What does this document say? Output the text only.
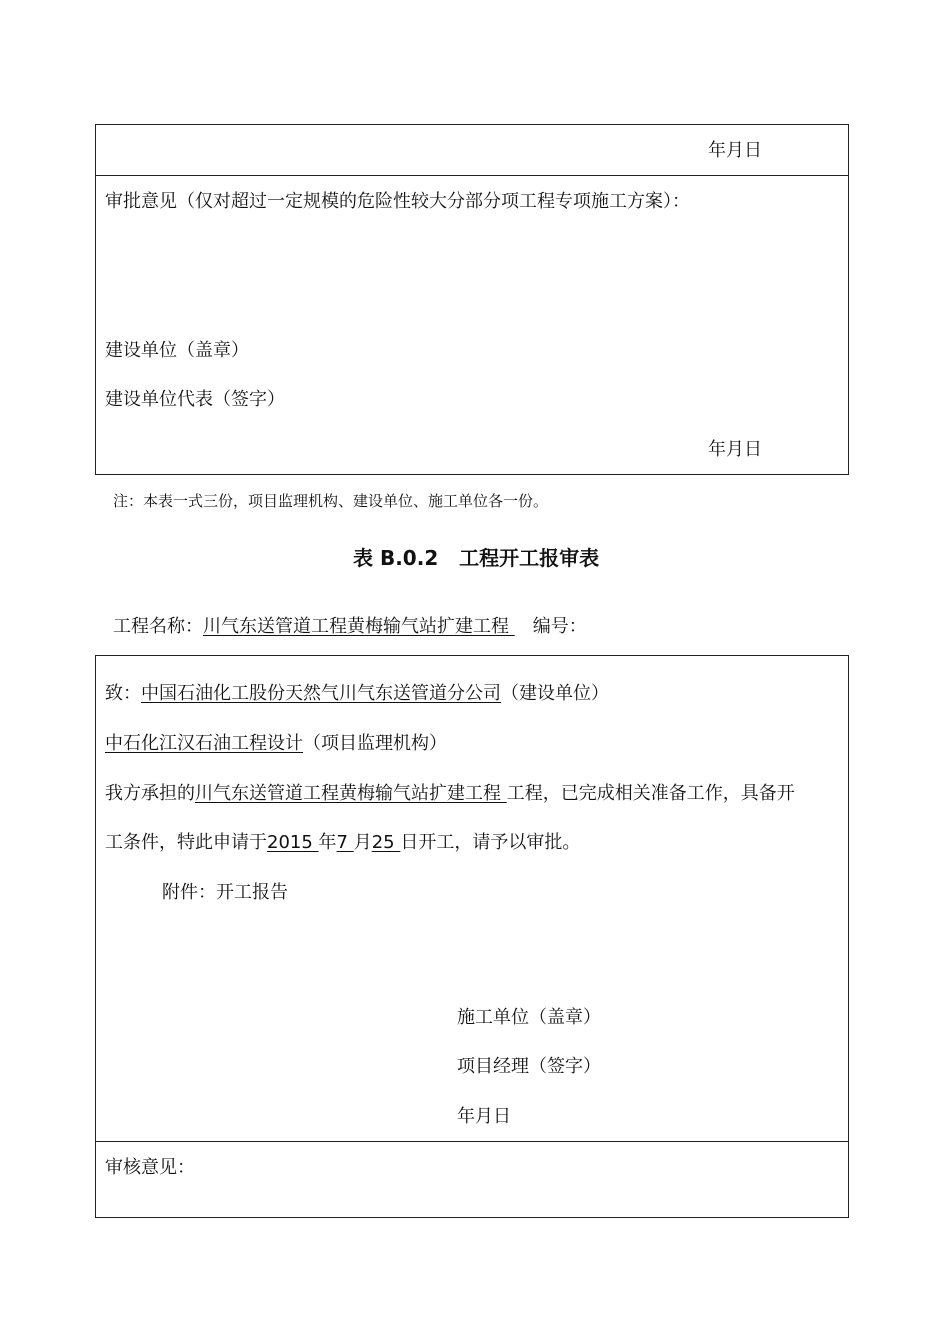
年月日
审批意见（仅对超过一定规模的危险性较大分部分项工程专项施工方案）：
建设单位（盖章）
建设单位代表（签字）
年月日
注：本表一式三份，项目监理机构、建设单位、施工单位各一份。
表 B.0.2   工程开工报审表
工程名称：川气东送管道工程黄梅输气站扩建工程 编号：
致：中国石油化工股份天然气川气东送管道分公司（建设单位）
中石化江汉石油工程设计（项目监理机构）
我方承担的川气东送管道工程黄梅输气站扩建工程 工程，已完成相关准备工作，具备开
工条件，特此申请于2015 年7 月25 日开工，请予以审批。
附件：开工报告
施工单位（盖章）
项目经理（签字）
年月日
审核意见：
